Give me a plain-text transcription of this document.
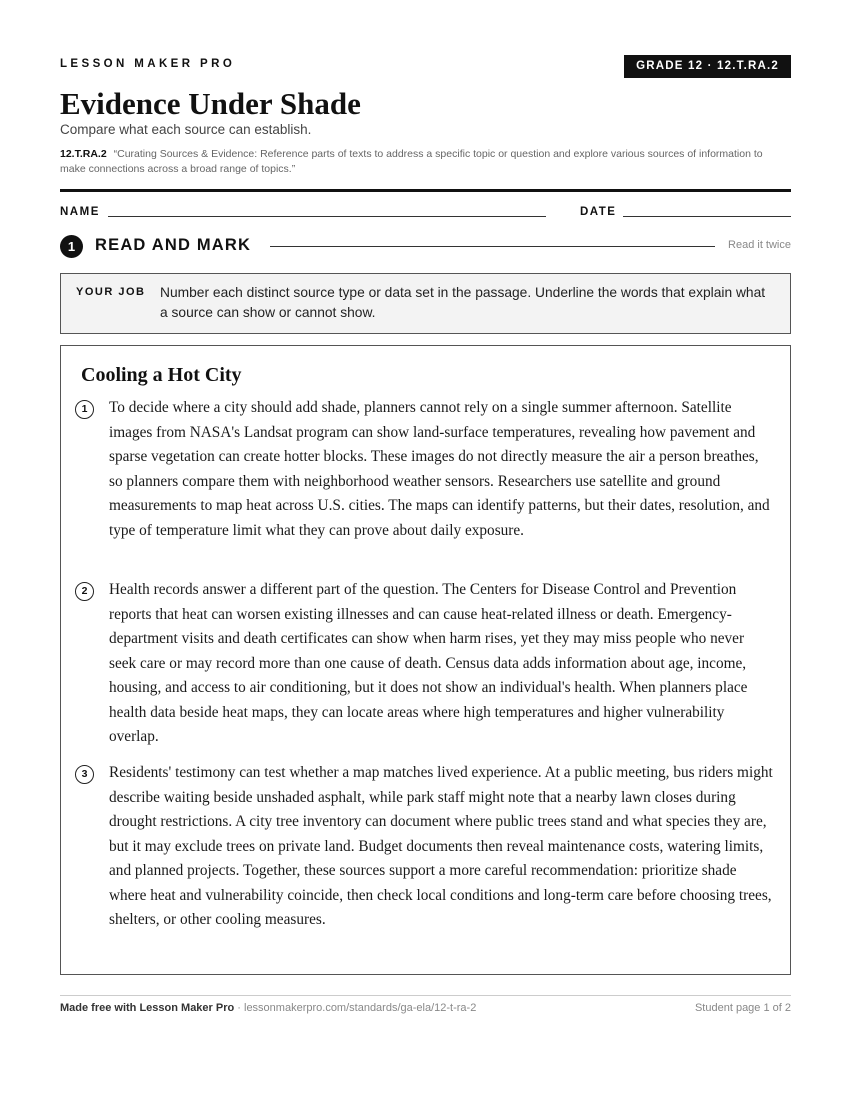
LESSON MAKER PRO	GRADE 12 · 12.T.RA.2
Evidence Under Shade
Compare what each source can establish.
12.T.RA.2 “Curating Sources & Evidence: Reference parts of texts to address a specific topic or question and explore various sources of information to make connections across a broad range of topics.”
NAME	DATE
1	READ AND MARK	Read it twice
YOUR JOB Number each distinct source type or data set in the passage. Underline the words that explain what a source can show or cannot show.
Cooling a Hot City
1	To decide where a city should add shade, planners cannot rely on a single summer afternoon. Satellite images from NASA's Landsat program can show land-surface temperatures, revealing how pavement and sparse vegetation can create hotter blocks. These images do not directly measure the air a person breathes, so planners compare them with neighborhood weather sensors. Researchers use satellite and ground measurements to map heat across U.S. cities. The maps can identify patterns, but their dates, resolution, and type of temperature limit what they can prove about daily exposure.

2	Health records answer a different part of the question. The Centers for Disease Control and Prevention reports that heat can worsen existing illnesses and can cause heat-related illness or death. Emergency-department visits and death certificates can show when harm rises, yet they may miss people who never seek care or may record more than one cause of death. Census data adds information about age, income, housing, and access to air conditioning, but it does not show an individual's health. When planners place health data beside heat maps, they can locate areas where high temperatures and higher vulnerability overlap.

3	Residents' testimony can test whether a map matches lived experience. At a public meeting, bus riders might describe waiting beside unshaded asphalt, while park staff might note that a nearby lawn closes during drought restrictions. A city tree inventory can document where public trees stand and what species they are, but it may exclude trees on private land. Budget documents then reveal maintenance costs, watering limits, and planned projects. Together, these sources support a more careful recommendation: prioritize shade where heat and vulnerability coincide, then check local conditions and long-term care before choosing trees, shelters, or other cooling measures.

Made free with Lesson Maker Pro · lessonmakerpro.com/standards/ga-ela/12-t-ra-2	Student page 1 of 2
